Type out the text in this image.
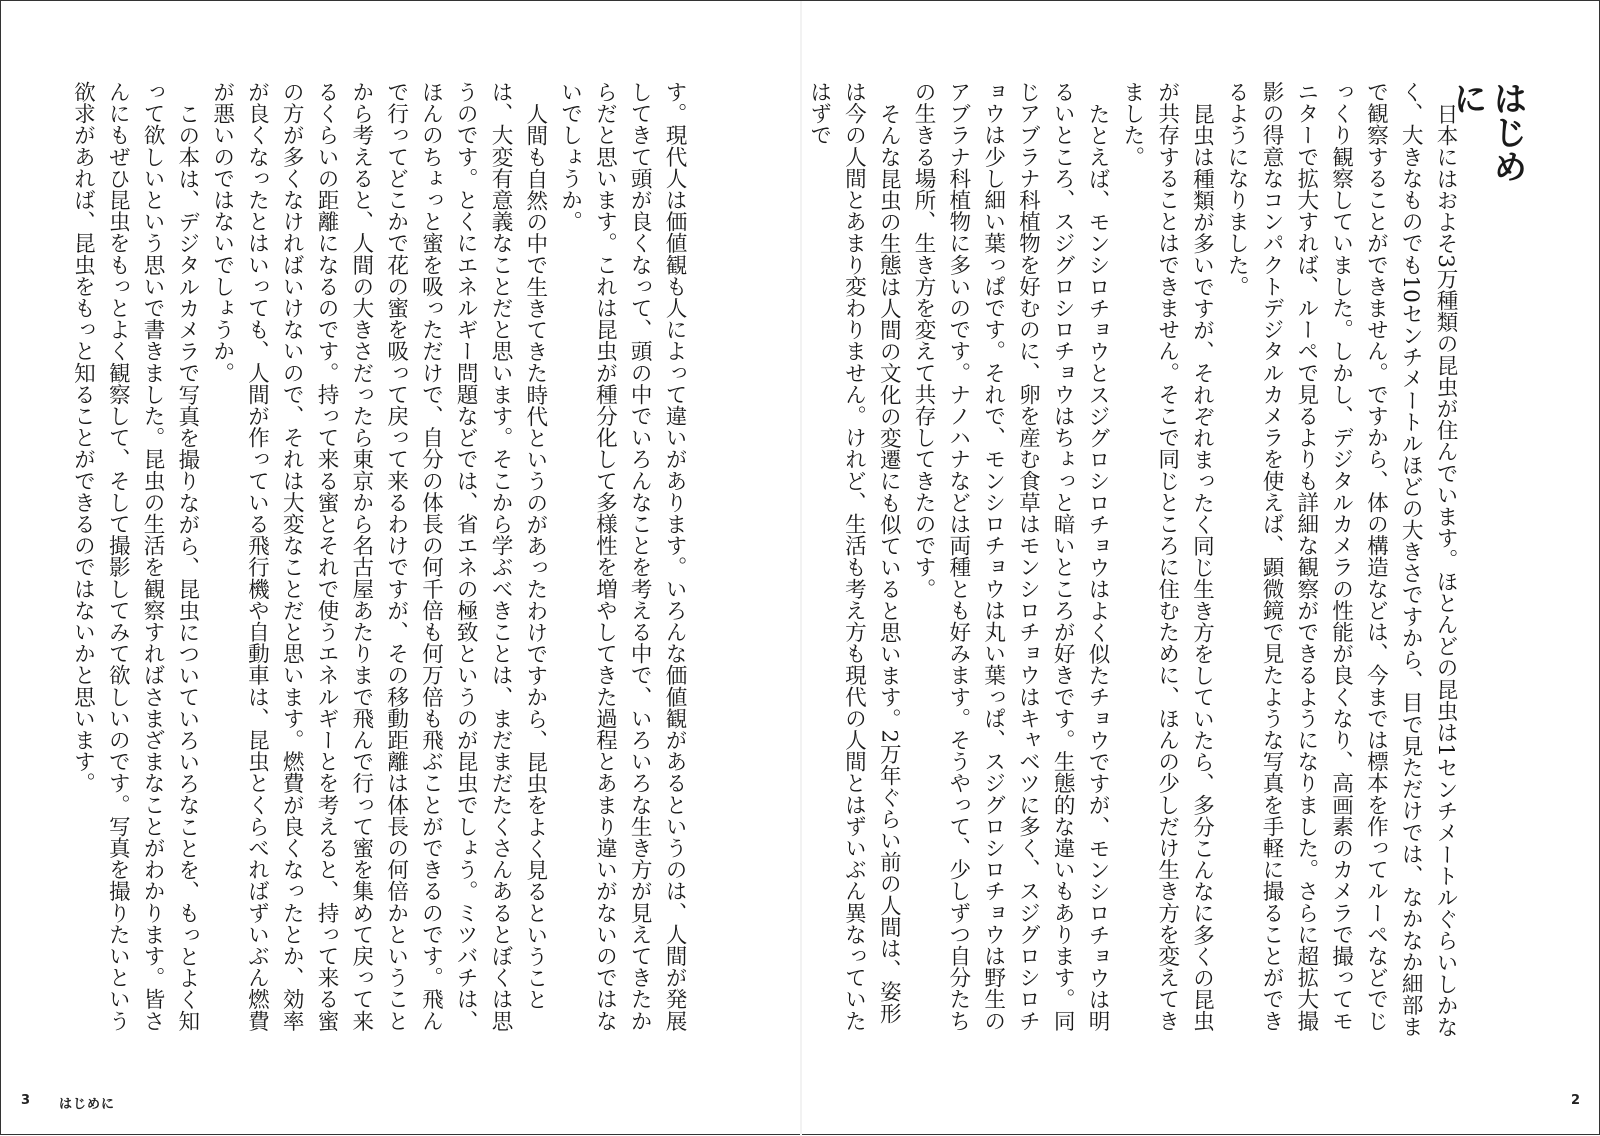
はじめに

日本にはおよそ3万種類の昆虫が住んでいます。ほとんどの昆虫は1センチメートルぐらいしかなく、大きなものでも10センチメートルほどの大きさですから、目で見ただけでは、なかなか細部まで観察することができません。ですから、体の構造などは、今までは標本を作ってルーペなどでじっくり観察していました。しかし、デジタルカメラの性能が良くなり、高画素のカメラで撮ってモニターで拡大すれば、ルーペで見るよりも詳細な観察ができるようになりました。さらに超拡大撮影の得意なコンパクトデジタルカメラを使えば、顕微鏡で見たような写真を手軽に撮ることができるようになりました。

昆虫は種類が多いですが、それぞれまったく同じ生き方をしていたら、多分こんなに多くの昆虫が共存することはできません。そこで同じところに住むために、ほんの少しだけ生き方を変えてきました。

たとえば、モンシロチョウとスジグロシロチョウはよく似たチョウですが、モンシロチョウは明るいところ、スジグロシロチョウはちょっと暗いところが好きです。生態的な違いもあります。同じアブラナ科植物を好むのに、卵を産む食草はモンシロチョウはキャベツに多く、スジグロシロチョウは少し細い葉っぱです。それで、モンシロチョウは丸い葉っぱ、スジグロシロチョウは野生のアブラナ科植物に多いのです。ナノハナなどは両種とも好みます。そうやって、少しずつ自分たちの生きる場所、生き方を変えて共存してきたのです。

そんな昆虫の生態は人間の文化の変遷にも似ていると思います。2万年ぐらい前の人間は、姿形は今の人間とあまり変わりません。けれど、生活も考え方も現代の人間とはずいぶん異なっていたはずで

2

す。現代人は価値観も人によって違いがあります。いろんな価値観があるというのは、人間が発展してきて頭が良くなって、頭の中でいろんなことを考える中で、いろいろな生き方が見えてきたからだと思います。これは昆虫が種分化して多様性を増やしてきた過程とあまり違いがないのではないでしょうか。

人間も自然の中で生きてきた時代というのがあったわけですから、昆虫をよく見るということは、大変有意義なことだと思います。そこから学ぶべきことは、まだまだたくさんあるとぼくは思うのです。とくにエネルギー問題などでは、省エネの極致というのが昆虫でしょう。ミツバチは、ほんのちょっと蜜を吸っただけで、自分の体長の何千倍も何万倍も飛ぶことができるのです。飛んで行ってどこかで花の蜜を吸って戻って来るわけですが、その移動距離は体長の何倍かということから考えると、人間の大きさだったら東京から名古屋あたりまで飛んで行って蜜を集めて戻って来るくらいの距離になるのです。持って来る蜜とそれで使うエネルギーとを考えると、持って来る蜜の方が多くなければいけないので、それは大変なことだと思います。燃費が良くなったとか、効率が良くなったとはいっても、人間が作っている飛行機や自動車は、昆虫とくらべればずいぶん燃費が悪いのではないでしょうか。

この本は、デジタルカメラで写真を撮りながら、昆虫についていろいろなことを、もっとよく知って欲しいという思いで書きました。昆虫の生活を観察すればさまざまなことがわかります。皆さんにもぜひ昆虫をもっとよく観察して、そして撮影してみて欲しいのです。写真を撮りたいという欲求があれば、昆虫をもっと知ることができるのではないかと思います。

3 はじめに
